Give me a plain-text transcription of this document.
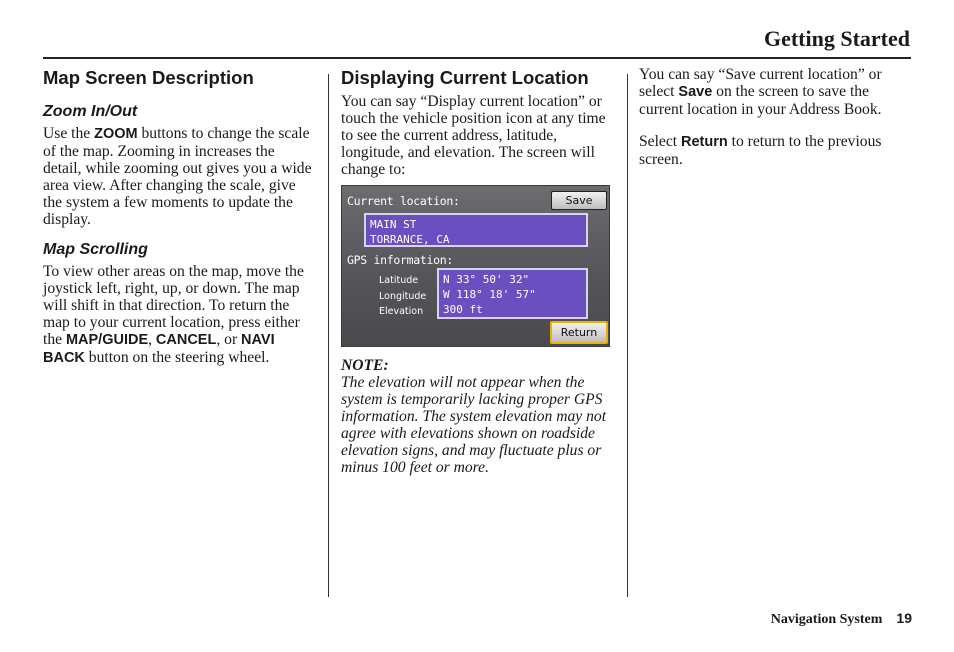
Getting Started
Map Screen Description
Zoom In/Out

Use the ZOOM buttons to change the scale of the map. Zooming in increases the detail, while zooming out gives you a wide area view. After changing the scale, give the system a few moments to update the display.

Map Scrolling

To view other areas on the map, move the joystick left, right, up, or down. The map will shift in that direction. To return the map to your current location, press either the MAP/GUIDE, CANCEL, or NAVI BACK button on the steering wheel.

Displaying Current Location

You can say “Display current location” or touch the vehicle position icon at any time to see the current address, latitude, longitude, and elevation. The screen will change to:

Current location:	Save
MAIN ST
TORRANCE, CA
GPS information:
Latitude
Longitude
Elevation
N 33° 50' 32"
W 118° 18' 57"
300 ft
Return

NOTE:

The elevation will not appear when the system is temporarily lacking proper GPS information. The system elevation may not agree with elevations shown on roadside elevation signs, and may fluctuate plus or minus 100 feet or more.

You can say “Save current location” or select Save on the screen to save the current location in your Address Book.

Select Return to return to the previous screen.

Navigation System 19
